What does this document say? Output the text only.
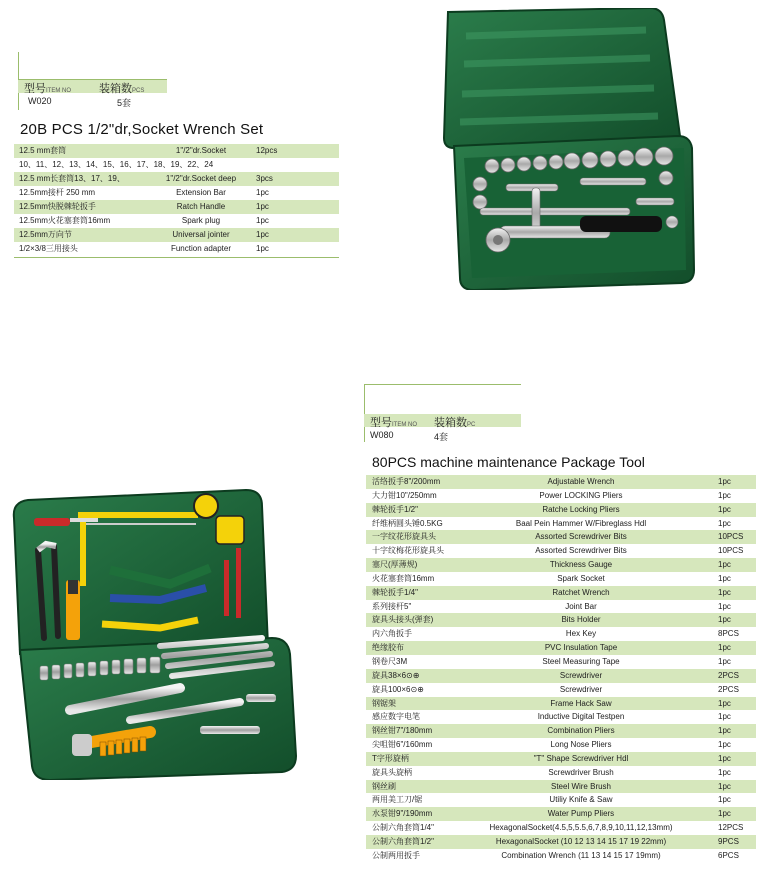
型号ITEM NO	装箱数PCS
W020	5套
20B PCS 1/2"dr,Socket Wrench Set
12.5 mm套筒	1"/2"dr.Socket	12pcs
10、11、12、13、14、15、16、17、18、19、22、24
12.5 mm长套筒13、17、19、	1"/2"dr.Socket deep	3pcs
12.5mm接杆 250 mm	Extension Bar	1pc
12.5mm快脱棘轮扳手	Ratch Handle	1pc
12.5mm火花塞套筒16mm	Spark plug	1pc
12.5mm万向节	Universal jointer	1pc
1/2×3/8三用接头	Function adapter	1pc
型号ITEM NO 装箱数PC
W080	4套
80PCS machine maintenance Package Tool
活络扳手8"/200mm	Adjustable Wrench	1pc
大力钳10"/250mm	Power LOCKING Pliers	1pc
棘轮扳手1/2"	Ratche Locking Pliers	1pc
纤维柄圆头锤0.5KG	Baal Pein Hammer W/Fibreglass Hdl	1pc
一字纹花形旋具头	Assorted Screwdriver Bits	10PCS
十字纹梅花形旋具头	Assorted Screwdriver Bits	10PCS
塞尺(厚薄规)	Thickness Gauge	1pc
火花塞套筒16mm	Spark Socket	1pc
棘轮扳手1/4"	Ratchet Wrench	1pc
系列接杆5"	Joint Bar	1pc
旋具头接头(弹套)	Bits Holder	1pc
内六角扳手	Hex Key	8PCS
绝缘胶布	PVC Insulation Tape	1pc
钢卷尺3M	Steel Measuring Tape	1pc
旋具38×6⊙⊕	Screwdriver	2PCS
旋具100×6⊙⊕	Screwdriver	2PCS
钢锯架	Frame Hack Saw	1pc
感应数字电笔	Inductive Digital Testpen	1pc
钢丝钳7"/180mm	Combination Pliers	1pc
尖咀钳6"/160mm	Long Nose Pliers	1pc
T字形旋柄	"T" Shape Screwdriver Hdl	1pc
旋具头旋柄	Screwdriver Brush	1pc
钢丝刷	Steel Wire Brush	1pc
两用美工刀/锯	Utiliy Knife & Saw	1pc
水泵钳9"/190mm	Water Pump Pliers	1pc
公制六角套筒1/4"	HexagonalSocket(4.5,5,5.5,6,7,8,9,10,11,12,13mm)	12PCS
公制六角套筒1/2"	HexagonalSocket (10 12 13 14 15 17 19 22mm)	9PCS
公制两用扳手	Combination Wrench (11 13 14 15 17 19mm)	6PCS
